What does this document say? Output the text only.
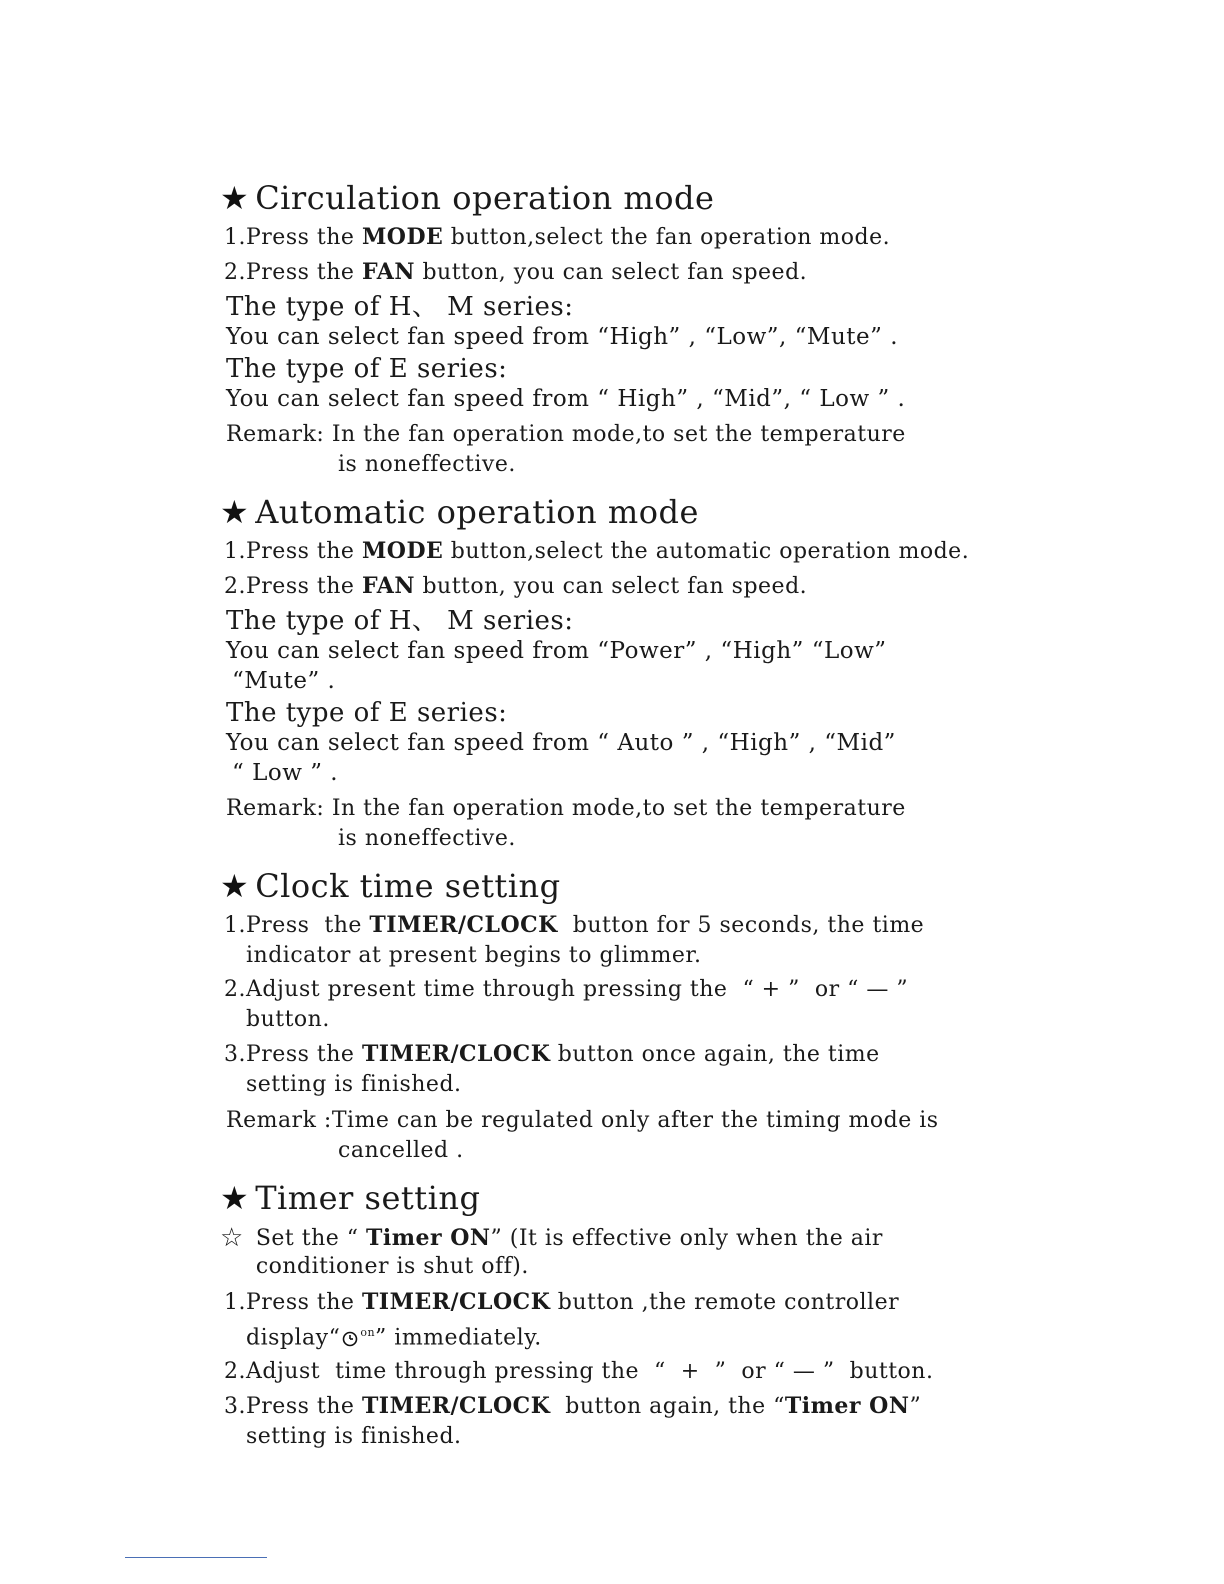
★ Circulation operation mode
1.Press the MODE button,select the fan operation mode.
2.Press the FAN button, you can select fan speed.
The type of H、 M series:
You can select fan speed from “High” , “Low”, “Mute” .
The type of E series:
You can select fan speed from “ High” , “Mid”, “ Low ” .
Remark: In the fan operation mode,to set the temperature
is noneffective.
★ Automatic operation mode
1.Press the MODE button,select the automatic operation mode.
2.Press the FAN button, you can select fan speed.
The type of H、 M series:
You can select fan speed from “Power” , “High” “Low”
“Mute” .
The type of E series:
You can select fan speed from “ Auto ” , “High” , “Mid”
“ Low ” .
Remark: In the fan operation mode,to set the temperature
is noneffective.
★ Clock time setting
1.Press  the TIMER/CLOCK  button for 5 seconds, the time
indicator at present begins to glimmer.
2.Adjust present time through pressing the  “ + ”  or “ — ”
button.
3.Press the TIMER/CLOCK button once again, the time
setting is finished.
Remark :Time can be regulated only after the timing mode is
cancelled .
★ Timer setting
☆ Set the “ Timer ON” (It is effective only when the air
conditioner is shut off).
1.Press the TIMER/CLOCK button ,the remote controller
display“ $^{on}$” immediately.
2.Adjust  time through pressing the  “  +  ”  or “ — ”  button.
3.Press the TIMER/CLOCK  button again, the “Timer ON”
setting is finished.
